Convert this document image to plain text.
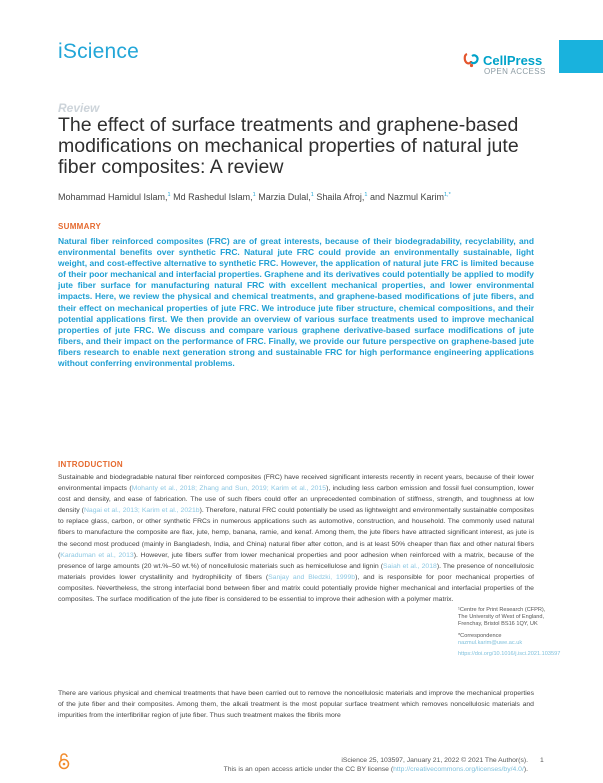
iScience	CellPress
OPEN ACCESS
Review
The effect of surface treatments and graphene-based modifications on mechanical properties of natural jute fiber composites: A review
Mohammad Hamidul Islam,$^1$ Md Rashedul Islam,$^1$ Marzia Dulal,$^1$ Shaila Afroj,$^1$ and Nazmul Karim$^{1,*}$
SUMMARY

Natural fiber reinforced composites (FRC) are of great interests, because of their biodegradability, recyclability, and environmental benefits over synthetic FRC. Natural jute FRC could provide an environmentally sustainable, light weight, and cost-effective alternative to synthetic FRC. However, the application of natural jute FRC is limited because of their poor mechanical and interfacial properties. Graphene and its derivatives could potentially be applied to modify jute fiber surface for manufacturing natural FRC with excellent mechanical properties, and lower environmental impacts. Here, we review the physical and chemical treatments, and graphene-based modifications of jute fibers, and their effect on mechanical properties of jute FRC. We introduce jute fiber structure, chemical compositions, and their potential applications first. We then provide an overview of various surface treatments used to improve mechanical properties of jute FRC. We discuss and compare various graphene derivative-based surface modifications of jute fibers, and their impact on the performance of FRC. Finally, we provide our future perspective on graphene-based jute fibers research to enable next generation strong and sustainable FRC for high performance engineering applications without conferring environmental problems.

INTRODUCTION

Sustainable and biodegradable natural fiber reinforced composites (FRC) have received significant interests recently in recent years, because of their lower environmental impacts (Mohanty et al., 2018; Zhang and Sun, 2019; Karim et al., 2015), including less carbon emission and fossil fuel consumption, lower cost and density, and ease of fabrication. The use of such fibers could offer an unprecedented combination of stiffness, strength, and toughness at low density (Nagai et al., 2013; Karim et al., 2021b). Therefore, natural FRC could potentially be used as lightweight and environmentally sustainable composites to replace glass, carbon, or other synthetic FRCs in numerous applications such as automotive, construction, and household. The commonly used natural fibers to manufacture the composite are flax, jute, hemp, banana, ramie, and kenaf. Among them, the jute fibers have attracted significant interest, as jute is the second most produced (mainly in Bangladesh, India, and China) natural fiber after cotton, and is at least 50% cheaper than flax and other natural fibers (Karaduman et al., 2013). However, jute fibers suffer from lower mechanical properties and poor adhesion when reinforced with a matrix, because of the presence of large amounts (20 wt.%–50 wt.%) of noncellulosic materials such as hemicellulose and lignin (Saiah et al., 2018). The presence of noncellulosic materials provides lower crystallinity and hydrophilicity of fibers (Sanjay and Bledzki, 1999b), and is responsible for poor mechanical properties of composites. Nevertheless, the strong interfacial bond between fiber and matrix could potentially provide higher mechanical and interfacial properties of the composites. The surface modification of the jute fiber is considered to be essential to improve their adhesion with a polymer matrix.

There are various physical and chemical treatments that have been carried out to remove the noncellulosic materials and improve the mechanical properties of the jute fiber and their composites. Among them, the alkali treatment is the most popular surface treatment which removes noncellulosic materials and impurities from the interfibrillar region of jute fiber. Thus such treatment makes the fibrils more

¹Centre for Print Research (CFPR), The University of West of England, Frenchay, Bristol BS16 1QY, UK
*Correspondence
nazmul.karim@uwe.ac.uk
https://doi.org/10.1016/j.isci.2021.103597
iScience 25, 103597, January 21, 2022 © 2021 The Author(s). 1
This is an open access article under the CC BY license (http://creativecommons.org/licenses/by/4.0/).
